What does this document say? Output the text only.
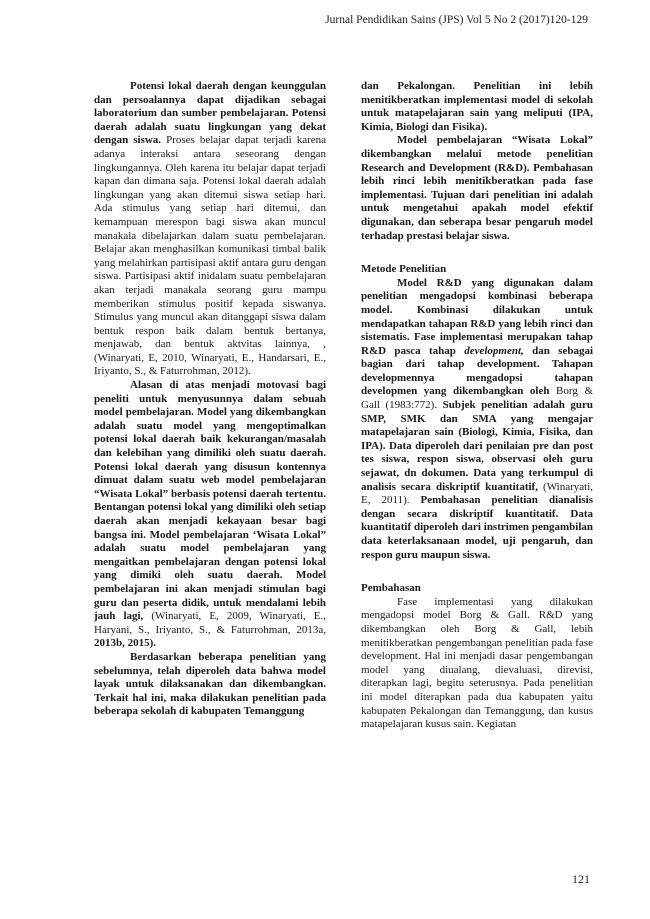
Jurnal Pendidikan Sains (JPS) Vol 5 No 2 (2017)120-129

Potensi lokal daerah dengan keunggulan dan persoalannya dapat dijadikan sebagai laboratorium dan sumber pembelajaran. Potensi daerah adalah suatu lingkungan yang dekat dengan siswa. Proses belajar dapat terjadi karena adanya interaksi antara seseorang dengan lingkungannya. Oleh karena itu belajar dapat terjadi kapan dan dimana saja. Potensi lokal daerah adalah lingkungan yang akan ditemui siswa setiap hari. Ada stimulus yang setiap hari ditemui, dan kemampuan merespon bagi siswa akan muncul manakala dibelajarkan dalam suatu pembelajaran. Belajar akan menghasilkan komunikasi timbal balik yang melahirkan partisipasi aktif antara guru dengan siswa. Partisipasi aktif inidalam suatu pembelajaran akan terjadi manakala seorang guru mampu memberikan stimulus positif kepada siswanya. Stimulus yang muncul akan ditanggapi siswa dalam bentuk respon baik dalam bentuk bertanya, menjawab, dan bentuk aktvitas lainnya, , (Winaryati, E, 2010, Winaryati, E., Handarsari, E., Iriyanto, S., & Faturrohman, 2012).

Alasan di atas menjadi motovasi bagi peneliti untuk menyusunnya dalam sebuah model pembelajaran. Model yang dikembangkan adalah suatu model yang mengoptimalkan potensi lokal daerah baik kekurangan/masalah dan kelebihan yang dimiliki oleh suatu daerah. Potensi lokal daerah yang disusun kontennya dimuat dalam suatu web model pembelajaran “Wisata Lokal” berbasis potensi daerah tertentu. Bentangan potensi lokal yang dimiliki oleh setiap daerah akan menjadi kekayaan besar bagi bangsa ini. Model pembelajaran ‘Wisata Lokal” adalah suatu model pembelajaran yang mengaitkan pembelajaran dengan potensi lokal yang dimiki oleh suatu daerah. Model pembelajaran ini akan menjadi stimulan bagi guru dan peserta didik, untuk mendalami lebih jauh lagi, (Winaryati, E, 2009, Winaryati, E., Haryani, S., Iriyanto, S., & Faturrohman, 2013a, 2013b, 2015).

Berdasarkan beberapa penelitian yang sebelumnya, telah diperoleh data bahwa model layak untuk dilaksanakan dan dikembangkan. Terkait hal ini, maka dilakukan penelitian pada beberapa sekolah di kabupaten Temanggung

dan Pekalongan. Penelitian ini lebih menitikberatkan implementasi model di sekolah untuk matapelajaran sain yang meliputi (IPA, Kimia, Biologi dan Fisika).

Model pembelajaran “Wisata Lokal” dikembangkan melalui metode penelitian Research and Development (R&D). Pembahasan lebih rinci lebih menitikberatkan pada fase implementasi. Tujuan dari penelitian ini adalah untuk mengetahui apakah model efektif digunakan, dan seberapa besar pengaruh model terhadap prestasi belajar siswa.

Metode Penelitian

Model R&D yang digunakan dalam penelitian mengadopsi kombinasi beberapa model. Kombinasi dilakukan untuk mendapatkan tahapan R&D yang lebih rinci dan sistematis. Fase implementasi merupakan tahap R&D pasca tahap development, dan sebagai bagian dari tahap development. Tahapan developmennya mengadopsi tahapan developmen yang dikembangkan oleh Borg & Gall (1983:772). Subjek penelitian adalah guru SMP, SMK dan SMA yang mengajar matapelajaran sain (Biologi, Kimia, Fisika, dan IPA). Data diperoleh dari penilaian pre dan post tes siswa, respon siswa, observasi oleh guru sejawat, dn dokumen. Data yang terkumpul di analisis secara diskriptif kuantitatif, (Winaryati, E, 2011). Pembahasan penelitian dianalisis dengan secara diskriptif kuantitatif. Data kuantitatif diperoleh dari instrimen pengambilan data keterlaksanaan model, uji pengaruh, dan respon guru maupun siswa.

Pembahasan

Fase implementasi yang dilakukan mengadopsi model Borg & Gall. R&D yang dikembangkan oleh Borg & Gall, lebih menitikberatkan pengembangan penelitian pada fase development. Hal ini menjadi dasar pengembangan model yang diualang, dievaluasi, direvisi, diterapkan lagi, begitu seterusnya. Pada penelitian ini model diterapkan pada dua kabupaten yaitu kabupaten Pekalongan dan Temanggung, dan kusus matapelajaran kusus sain. Kegiatan

121
